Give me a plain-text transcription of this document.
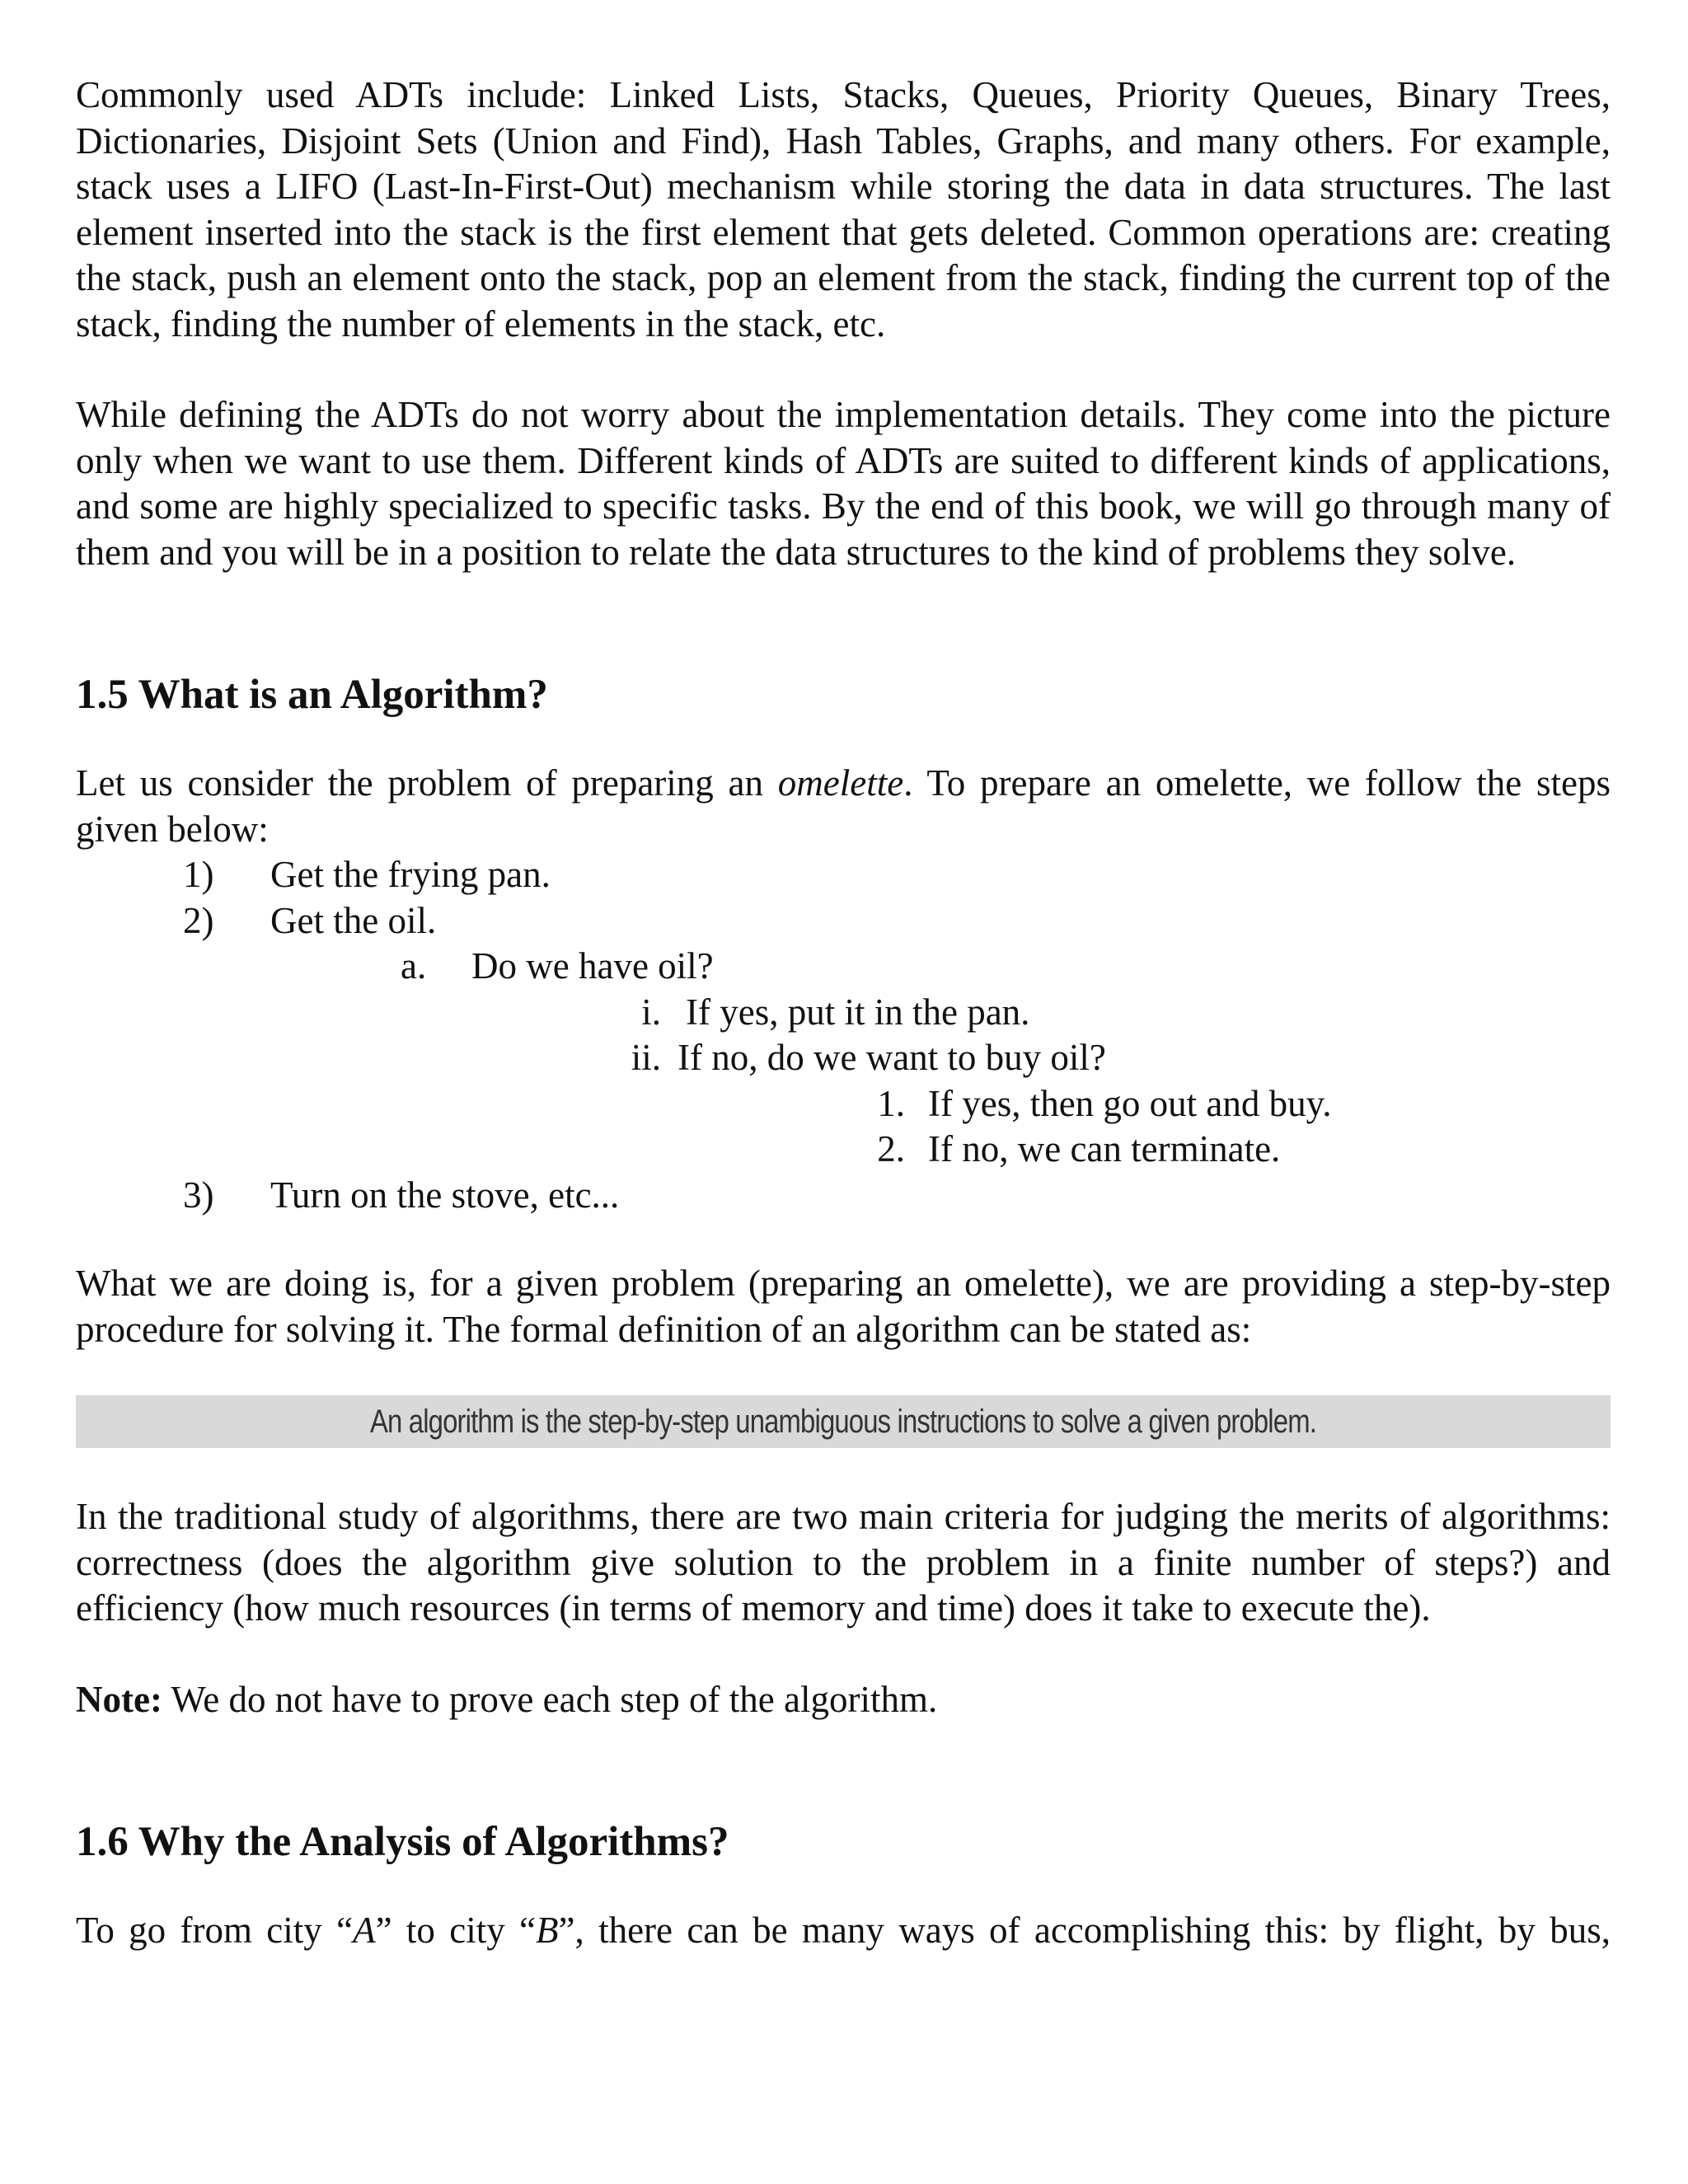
Commonly used ADTs include: Linked Lists, Stacks, Queues, Priority Queues, Binary Trees, Dictionaries, Disjoint Sets (Union and Find), Hash Tables, Graphs, and many others. For example, stack uses a LIFO (Last-In-First-Out) mechanism while storing the data in data structures. The last element inserted into the stack is the first element that gets deleted. Common operations are: creating the stack, push an element onto the stack, pop an element from the stack, finding the current top of the stack, finding the number of elements in the stack, etc.

While defining the ADTs do not worry about the implementation details. They come into the picture only when we want to use them. Different kinds of ADTs are suited to different kinds of applications, and some are highly specialized to specific tasks. By the end of this book, we will go through many of them and you will be in a position to relate the data structures to the kind of problems they solve.

1.5 What is an Algorithm?

Let us consider the problem of preparing an omelette. To prepare an omelette, we follow the steps given below:

1) Get the frying pan.
2) Get the oil.
a. Do we have oil?
i. If yes, put it in the pan.
ii. If no, do we want to buy oil?
1. If yes, then go out and buy.
2. If no, we can terminate.
3) Turn on the stove, etc...

What we are doing is, for a given problem (preparing an omelette), we are providing a step-by-step procedure for solving it. The formal definition of an algorithm can be stated as:

An algorithm is the step-by-step unambiguous instructions to solve a given problem.

In the traditional study of algorithms, there are two main criteria for judging the merits of algorithms: correctness (does the algorithm give solution to the problem in a finite number of steps?) and efficiency (how much resources (in terms of memory and time) does it take to execute the).

Note: We do not have to prove each step of the algorithm.

1.6 Why the Analysis of Algorithms?

To go from city “A” to city “B”, there can be many ways of accomplishing this: by flight, by bus,
